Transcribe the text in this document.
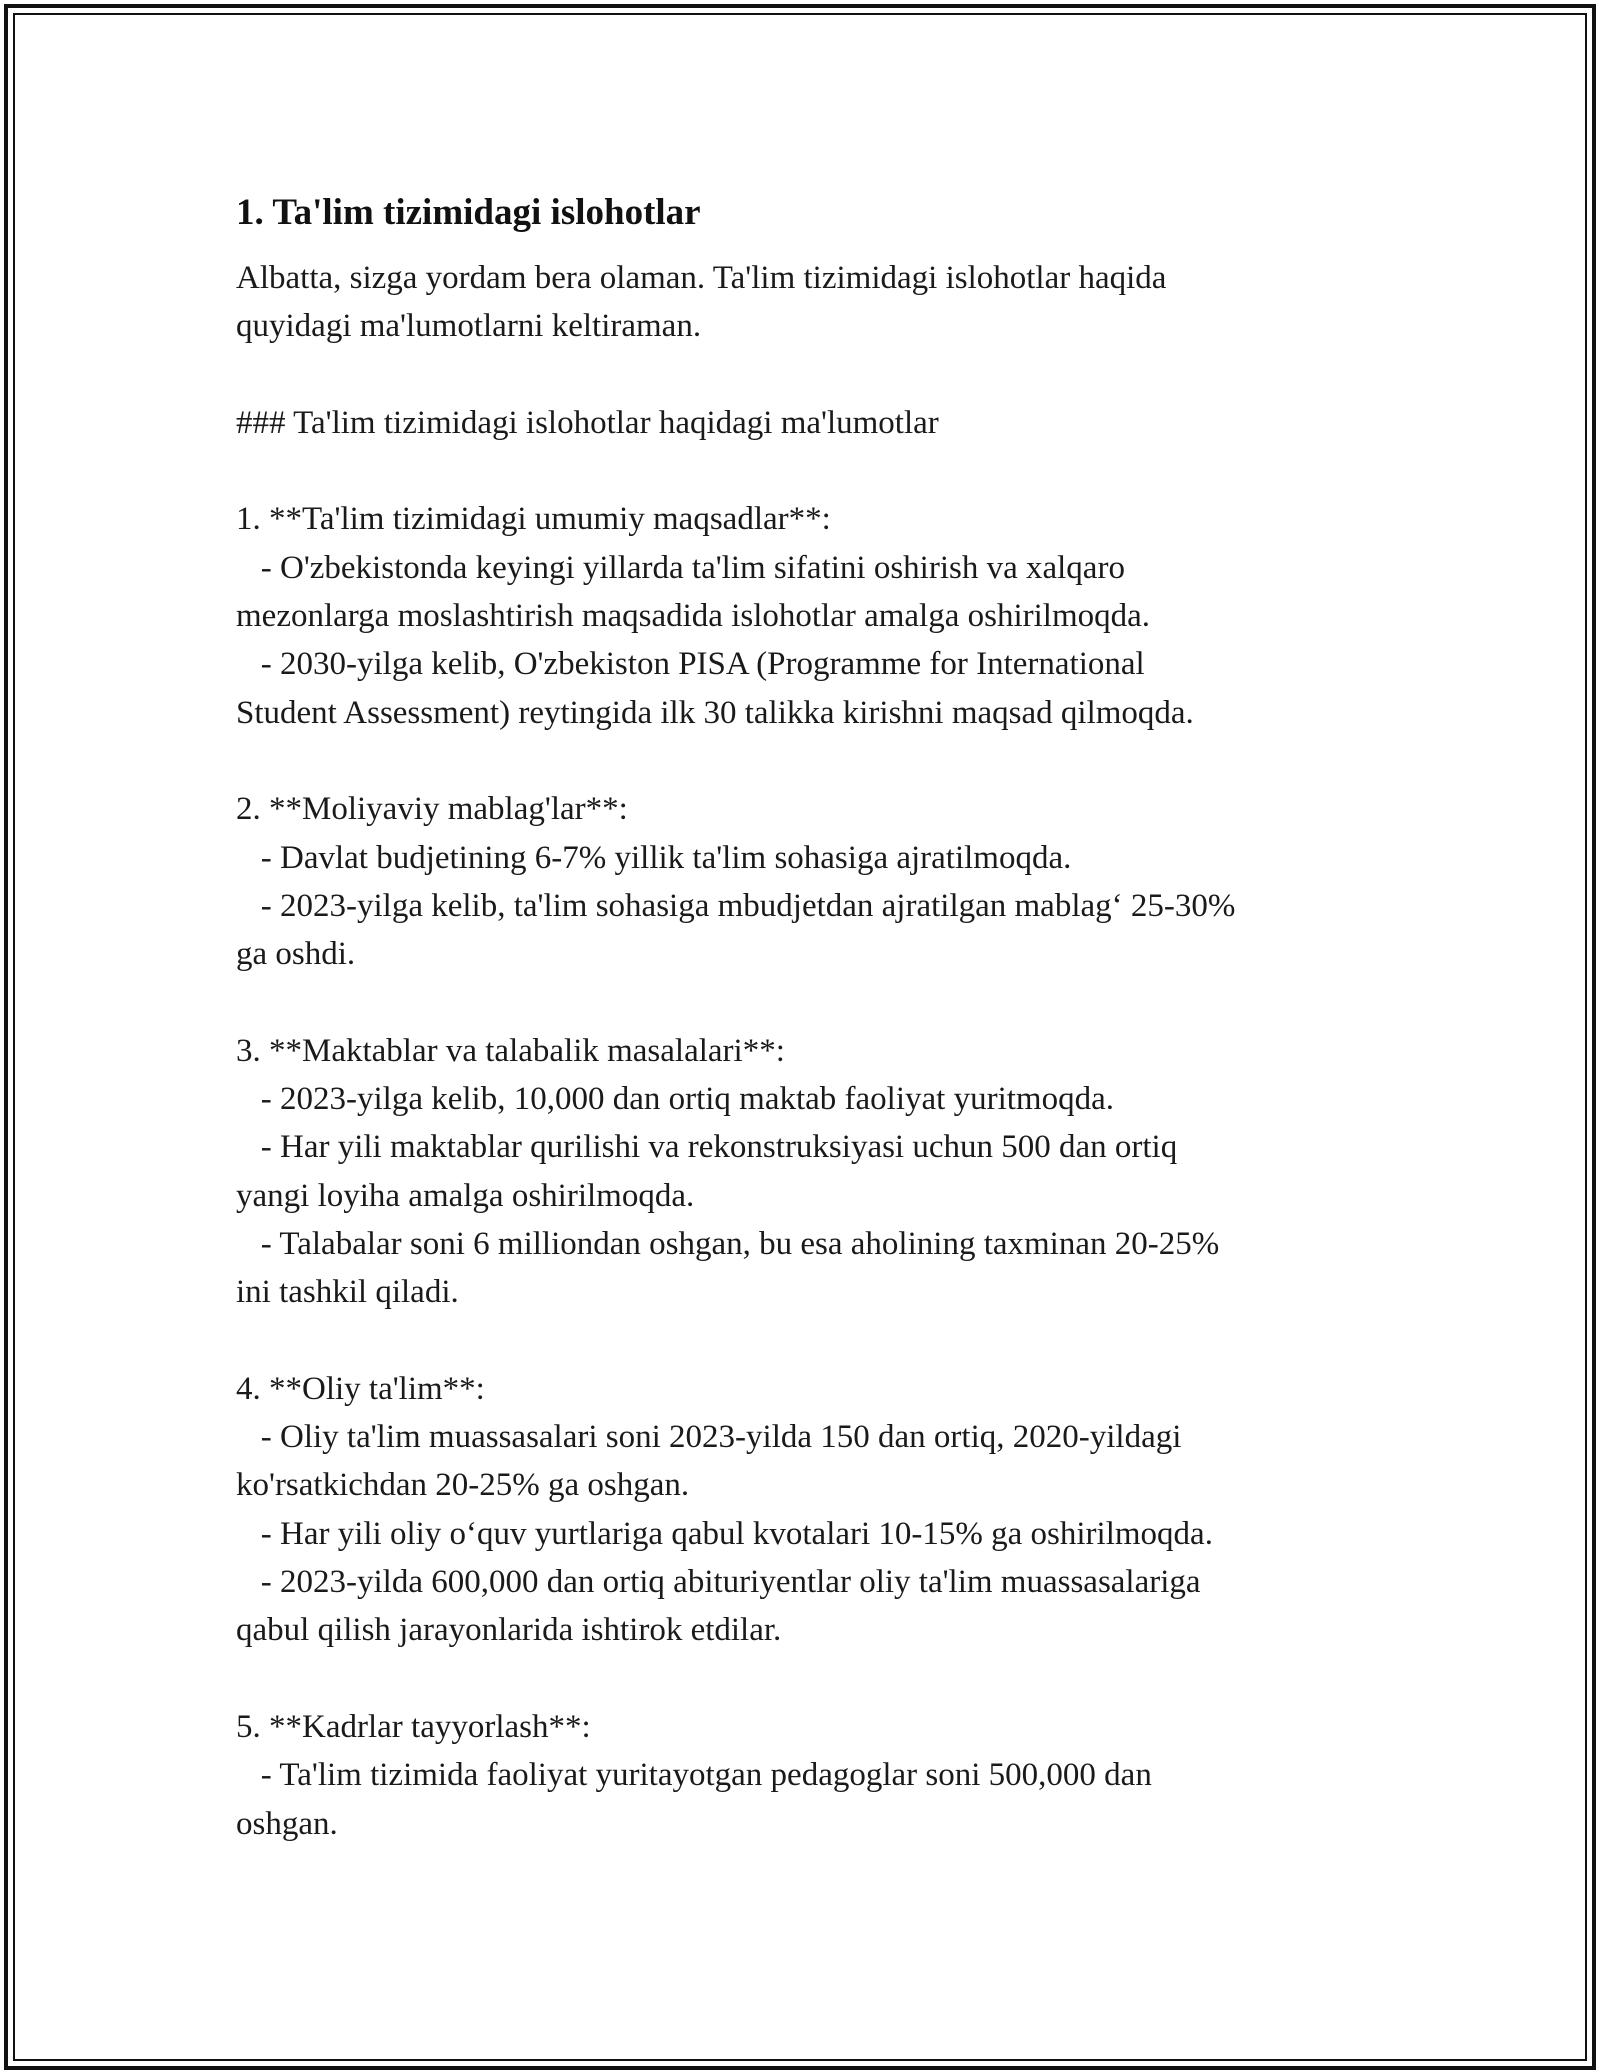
1. Ta'lim tizimidagi islohotlar
Albatta, sizga yordam bera olaman. Ta'lim tizimidagi islohotlar haqida
quyidagi ma'lumotlarni keltiraman.

### Ta'lim tizimidagi islohotlar haqidagi ma'lumotlar

1. **Ta'lim tizimidagi umumiy maqsadlar**:
- O'zbekistonda keyingi yillarda ta'lim sifatini oshirish va xalqaro
mezonlarga moslashtirish maqsadida islohotlar amalga oshirilmoqda.
- 2030-yilga kelib, O'zbekiston PISA (Programme for International
Student Assessment) reytingida ilk 30 talikka kirishni maqsad qilmoqda.

2. **Moliyaviy mablag'lar**:
- Davlat budjetining 6-7% yillik ta'lim sohasiga ajratilmoqda.
- 2023-yilga kelib, ta'lim sohasiga mbudjetdan ajratilgan mablag‘ 25-30%
ga oshdi.

3. **Maktablar va talabalik masalalari**:
- 2023-yilga kelib, 10,000 dan ortiq maktab faoliyat yuritmoqda.
- Har yili maktablar qurilishi va rekonstruksiyasi uchun 500 dan ortiq
yangi loyiha amalga oshirilmoqda.
- Talabalar soni 6 milliondan oshgan, bu esa aholining taxminan 20-25%
ini tashkil qiladi.

4. **Oliy ta'lim**:
- Oliy ta'lim muassasalari soni 2023-yilda 150 dan ortiq, 2020-yildagi
ko'rsatkichdan 20-25% ga oshgan.
- Har yili oliy o‘quv yurtlariga qabul kvotalari 10-15% ga oshirilmoqda.
- 2023-yilda 600,000 dan ortiq abituriyentlar oliy ta'lim muassasalariga
qabul qilish jarayonlarida ishtirok etdilar.

5. **Kadrlar tayyorlash**:
- Ta'lim tizimida faoliyat yuritayotgan pedagoglar soni 500,000 dan
oshgan.
